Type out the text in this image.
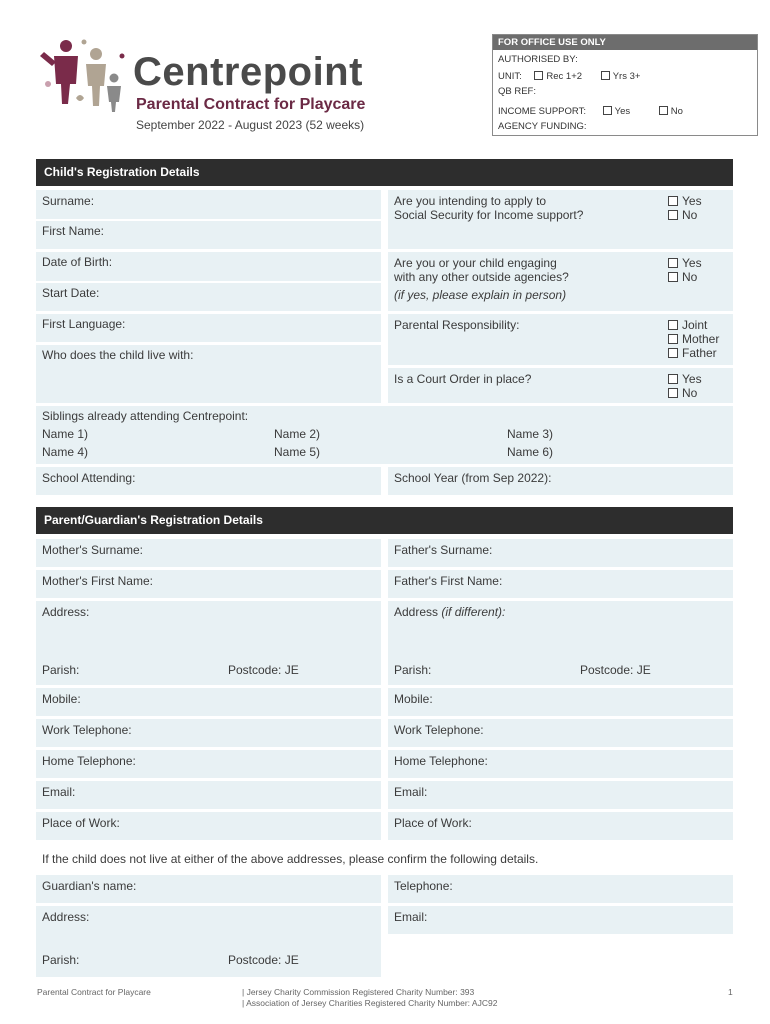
Centrepoint
Parental Contract for Playcare
September 2022 - August 2023 (52 weeks)
FOR OFFICE USE ONLY
AUTHORISED BY:
UNIT:	Rec 1+2	Yrs 3+
QB REF:
INCOME SUPPORT:	Yes	No
AGENCY FUNDING:
Child's Registration Details
Surname:
First Name:
Date of Birth:
Start Date:
First Language:
Who does the child live with:
Are you intending to apply to
Social Security for Income support?
Yes
No
Are you or your child engaging
with any other outside agencies?
(if yes, please explain in person)
Yes
No
Parental Responsibility:	Joint
Mother
Father
Is a Court Order in place?	Yes
No
Siblings already attending Centrepoint:
Name 1)	Name 2)	Name 3)
Name 4)	Name 5)	Name 6)
School Attending:	School Year (from Sep 2022):
Parent/Guardian's Registration Details
Mother's Surname:	Father's Surname:
Mother's First Name:	Father's First Name:
Address:
Parish:	Postcode: JE
Address (if different):
Parish:	Postcode: JE
Mobile:	Mobile:
Work Telephone:	Work Telephone:
Home Telephone:	Home Telephone:
Email:	Email:
Place of Work:	Place of Work:
If the child does not live at either of the above addresses, please confirm the following details.
Guardian's name:	Telephone:
Address:
Parish:	Postcode: JE
Email:
Parental Contract for Playcare	| Jersey Charity Commission Registered Charity Number: 393
| Association of Jersey Charities Registered Charity Number: AJC92
1
